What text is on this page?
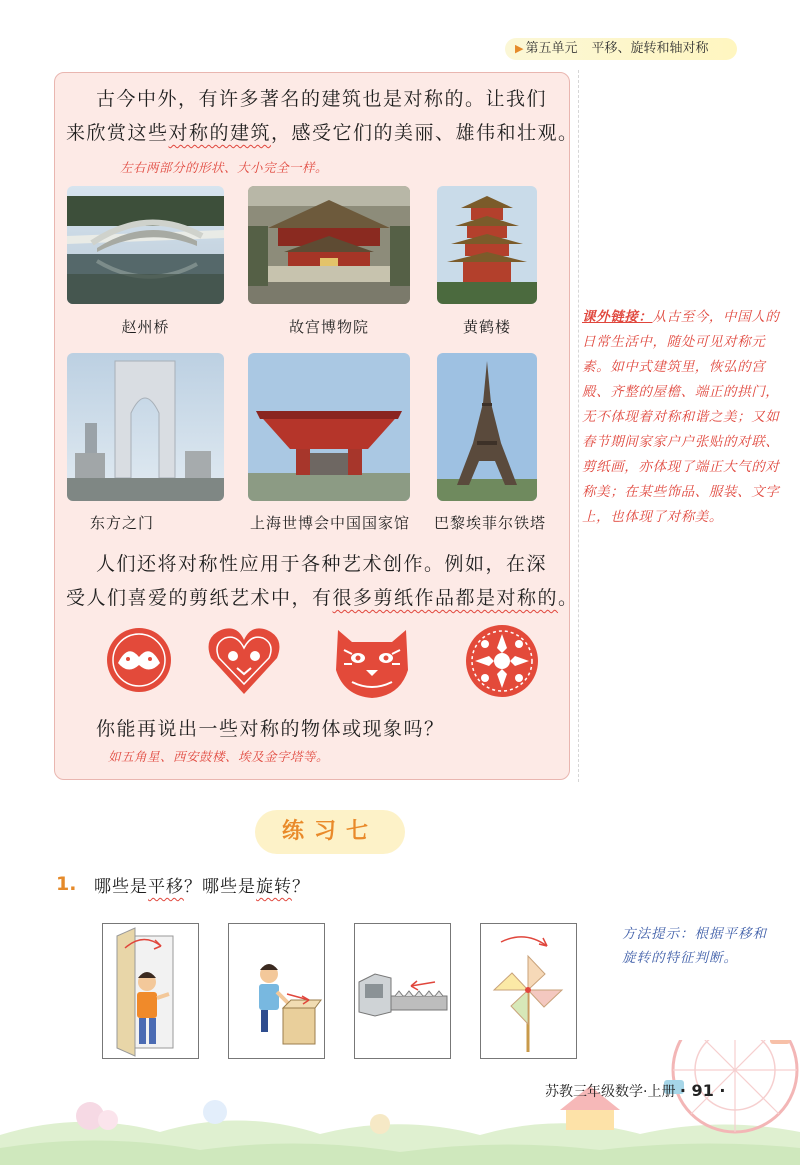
▶ 第五单元 平移、旋转和轴对称
古今中外，有许多著名的建筑也是对称的。让我们
来欣赏这些对称的建筑，感受它们的美丽、雄伟和壮观。
左右两部分的形状、大小完全一样。
赵州桥	故宫博物院	黄鹤楼
东方之门	上海世博会中国国家馆	巴黎埃菲尔铁塔
人们还将对称性应用于各种艺术创作。例如，在深
受人们喜爱的剪纸艺术中，有很多剪纸作品都是对称的。
你能再说出一些对称的物体或现象吗？
如五角星、西安鼓楼、埃及金字塔等。
课外链接：从古至今，中国人的日常生活中，随处可见对称元素。如中式建筑里，恢弘的宫殿、齐整的屋檐、端正的拱门，无不体现着对称和谐之美；又如春节期间家家户户张贴的对联、剪纸画，亦体现了端正大气的对称美；在某些饰品、服装、文字上，也体现了对称美。
练习七
1. 哪些是平移？哪些是旋转？
方法提示：根据平移和旋转的特征判断。
苏教三年级数学·上册 · 91 ·
